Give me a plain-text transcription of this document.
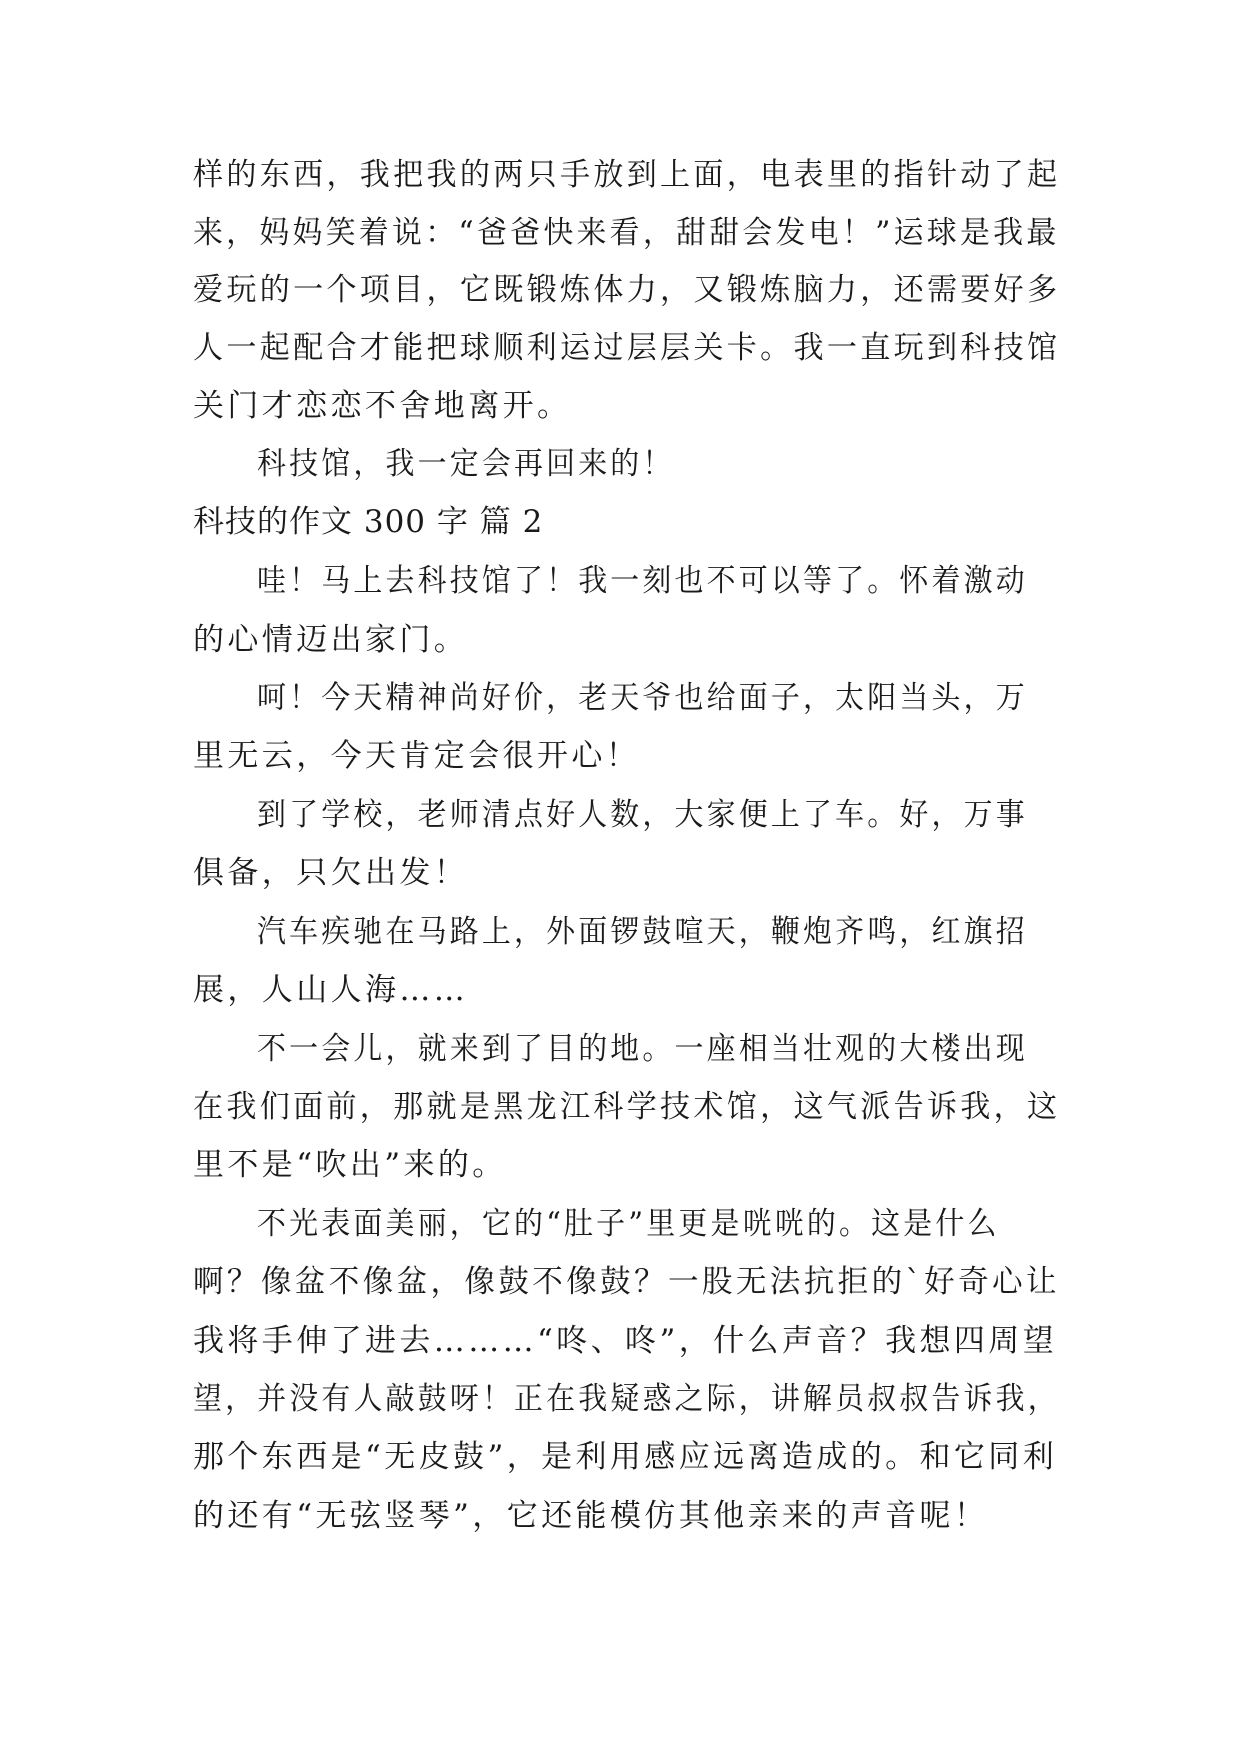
样的东西，我把我的两只手放到上面，电表里的指针动了起
来，妈妈笑着说：“爸爸快来看，甜甜会发电！”运球是我最
爱玩的一个项目，它既锻炼体力，又锻炼脑力，还需要好多
人一起配合才能把球顺利运过层层关卡。我一直玩到科技馆
关门才恋恋不舍地离开。
科技馆，我一定会再回来的！
科技的作文 300 字 篇 2
哇！马上去科技馆了！我一刻也不可以等了。怀着激动
的心情迈出家门。
呵！今天精神尚好价，老天爷也给面子，太阳当头，万
里无云，今天肯定会很开心！
到了学校，老师清点好人数，大家便上了车。好，万事
俱备，只欠出发！
汽车疾驰在马路上，外面锣鼓喧天，鞭炮齐鸣，红旗招
展，人山人海……
不一会儿，就来到了目的地。一座相当壮观的大楼出现
在我们面前，那就是黑龙江科学技术馆，这气派告诉我，这
里不是“吹出”来的。
不光表面美丽，它的“肚子”里更是咣咣的。这是什么
啊？像盆不像盆，像鼓不像鼓？一股无法抗拒的`好奇心让
我将手伸了进去………“咚、咚”，什么声音？我想四周望
望，并没有人敲鼓呀！正在我疑惑之际，讲解员叔叔告诉我，
那个东西是“无皮鼓”，是利用感应远离造成的。和它同利
的还有“无弦竖琴”，它还能模仿其他亲来的声音呢！
